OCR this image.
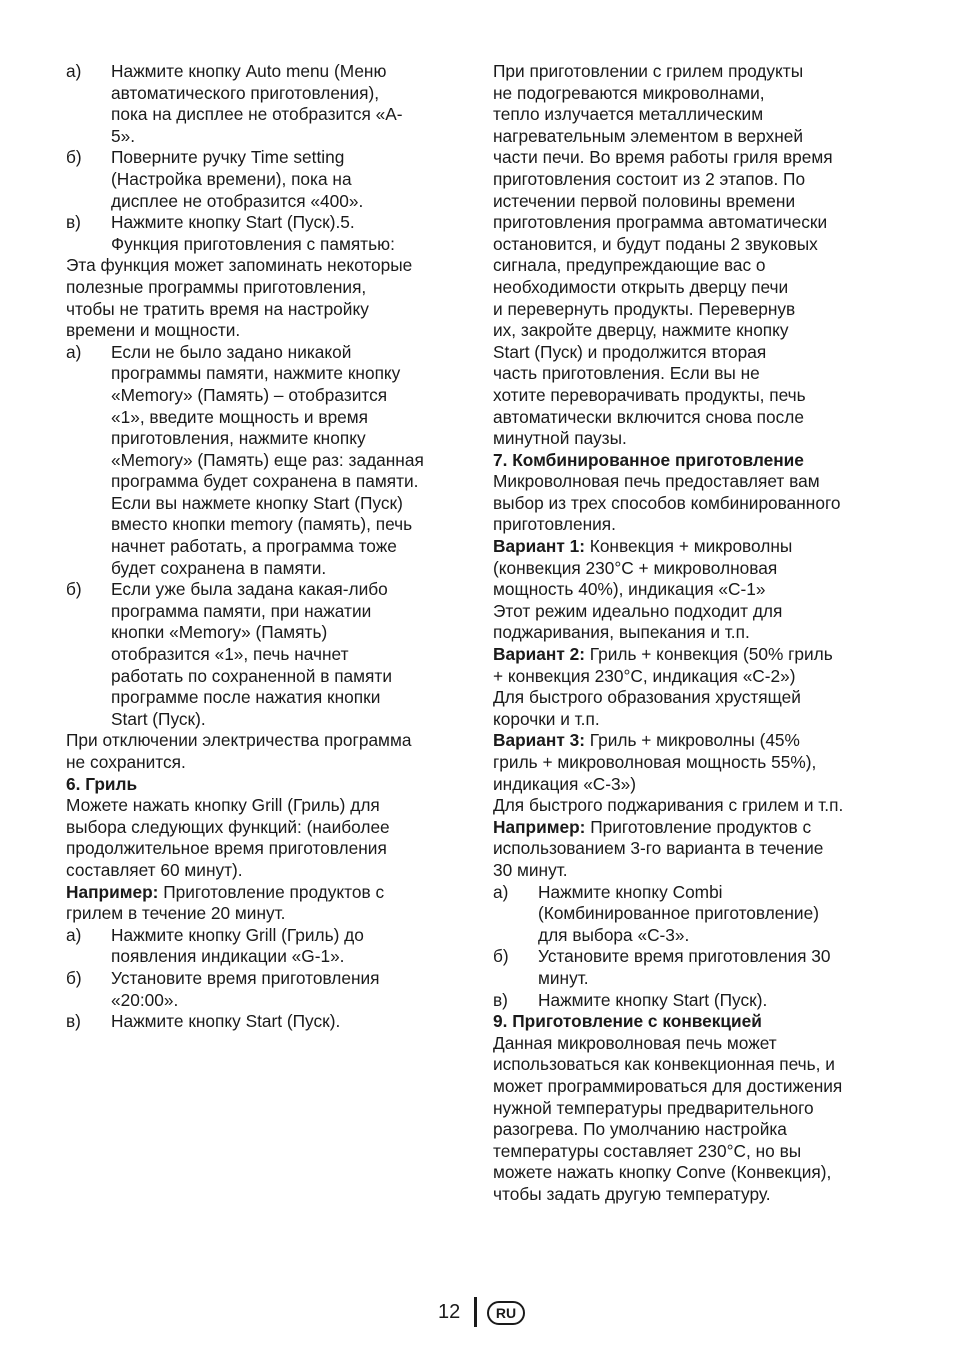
а) Нажмите кнопку Auto menu (Меню
автоматического приготовления),
пока на дисплее не отобразится «А-
5».
б) Поверните ручку Time setting
(Настройка времени), пока на
дисплее не отобразится «400».
в) Нажмите кнопку Start (Пуск).5.
Функция приготовления с памятью:

Эта функция может запоминать некоторые
полезные программы приготовления,
чтобы не тратить время на настройку
времени и мощности.

а) Если не было задано никакой
программы памяти, нажмите кнопку
«Memory» (Память) – отобразится
«1», введите мощность и время
приготовления, нажмите кнопку
«Memory» (Память) еще раз: заданная
программа будет сохранена в памяти.
Если вы нажмете кнопку Start (Пуск)
вместо кнопки memory (память), печь
начнет работать, а программа тоже
будет сохранена в памяти.
б) Если уже была задана какая-либо
программа памяти, при нажатии
кнопки «Memory» (Память)
отобразится «1», печь начнет
работать по сохраненной в памяти
программе после нажатия кнопки
Start (Пуск).

При отключении электричества программа
не сохранится.

6. Гриль

Можете нажать кнопку Grill (Гриль) для
выбора следующих функций: (наиболее
продолжительное время приготовления
составляет 60 минут).

Например: Приготовление продуктов с
грилем в течение 20 минут.

а) Нажмите кнопку Grill (Гриль) до
появления индикации «G-1».
б) Установите время приготовления
«20:00».
в) Нажмите кнопку Start (Пуск).

При приготовлении с грилем продукты
не подогреваются микроволнами,
тепло излучается металлическим
нагревательным элементом в верхней
части печи. Во время работы гриля время
приготовления состоит из 2 этапов. По
истечении первой половины времени
приготовления программа автоматически
остановится, и будут поданы 2 звуковых
сигнала, предупреждающие вас о
необходимости открыть дверцу печи
и перевернуть продукты. Перевернув
их, закройте дверцу, нажмите кнопку
Start (Пуск) и продолжится вторая
часть приготовления. Если вы не
хотите переворачивать продукты, печь
автоматически включится снова после
минутной паузы.

7. Комбинированное приготовление

Микроволновая печь предоставляет вам
выбор из трех способов комбинированного
приготовления.

Вариант 1: Конвекция + микроволны
(конвекция 230°С + микроволновая
мощность 40%), индикация «С-1»
Этот режим идеально подходит для
поджаривания, выпекания и т.п.

Вариант 2: Гриль + конвекция (50% гриль
+ конвекция 230°С, индикация «С-2»)
Для быстрого образования хрустящей
корочки и т.п.

Вариант 3: Гриль + микроволны (45%
гриль + микроволновая мощность 55%),
индикация «С-3»)
Для быстрого поджаривания с грилем и т.п.

Например: Приготовление продуктов с
использованием 3-го варианта в течение
30 минут.

а) Нажмите кнопку Combi
(Комбинированное приготовление)
для выбора «С-3».
б) Установите время приготовления 30
минут.
в) Нажмите кнопку Start (Пуск).

9. Приготовление с конвекцией

Данная микроволновая печь может
использоваться как конвекционная печь, и
может программироваться для достижения
нужной температуры предварительного
разогрева. По умолчанию настройка
температуры составляет 230°С, но вы
можете нажать кнопку Conve (Конвекция),
чтобы задать другую температуру.

12	RU
